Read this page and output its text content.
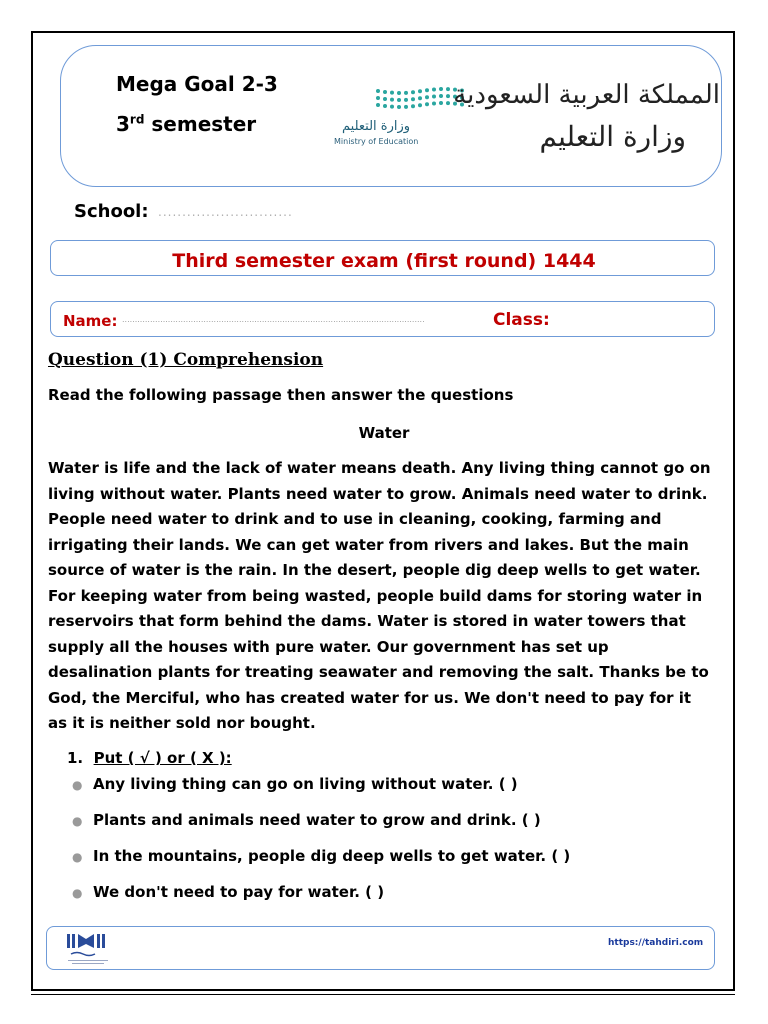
Mega Goal 2-3
3rd semester	وزارة التعليم
Ministry of Education
المملكة العربية السعودية
وزارة التعليم
School: ............................
Third semester exam (first round) 1444
Name: .......................................................................................................................	Class:
Question (1) Comprehension
Read the following passage then answer the questions
Water
Water is life and the lack of water means death. Any living thing cannot go on
living without water. Plants need water to grow. Animals need water to drink.
People need water to drink and to use in cleaning, cooking, farming and
irrigating their lands. We can get water from rivers and lakes. But the main
source of water is the rain. In the desert, people dig deep wells to get water.
For keeping water from being wasted, people build dams for storing water in
reservoirs that form behind the dams. Water is stored in water towers that
supply all the houses with pure water. Our government has set up
desalination plants for treating seawater and removing the salt. Thanks be to
God, the Merciful, who has created water for us. We don't need to pay for it
as it is neither sold nor bought.
1. Put ( √ ) or ( X ):
● Any living thing can go on living without water. ( )
● Plants and animals need water to grow and drink. ( )
● In the mountains, people dig deep wells to get water. ( )
● We don't need to pay for water. ( )
https://tahdiri.com
